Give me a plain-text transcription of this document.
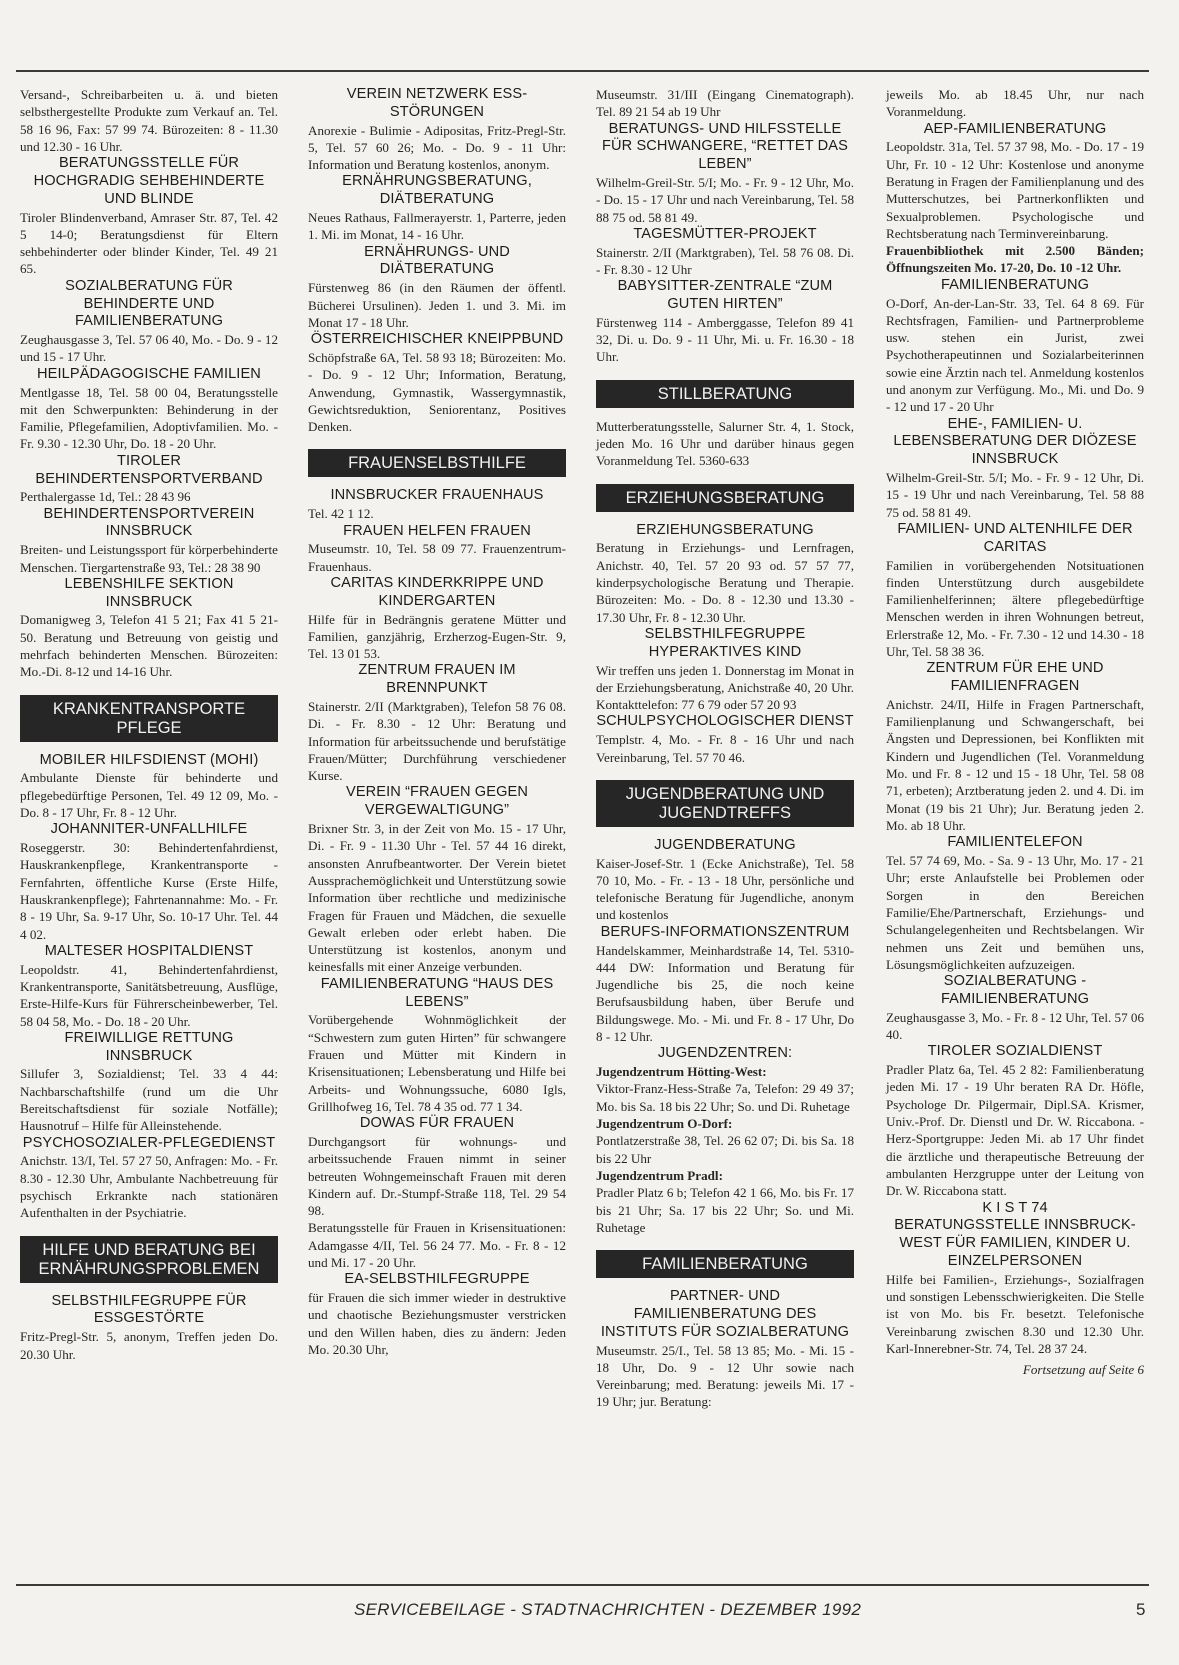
Versand-, Schreibarbeiten u. ä. und bieten selbsthergestellte Produkte zum Verkauf an. Tel. 58 16 96, Fax: 57 99 74. Bürozeiten: 8 - 11.30 und 12.30 - 16 Uhr.

BERATUNGSSTELLE FÜR HOCHGRADIG SEHBEHINDERTE UND BLINDE

Tiroler Blindenverband, Amraser Str. 87, Tel. 42 5 14-0; Beratungsdienst für Eltern sehbehinderter oder blinder Kinder, Tel. 49 21 65.

SOZIALBERATUNG FÜR BEHINDERTE UND FAMILIENBERATUNG

Zeughausgasse 3, Tel. 57 06 40, Mo. - Do. 9 - 12 und 15 - 17 Uhr.

HEILPÄDAGOGISCHE FAMILIEN

Mentlgasse 18, Tel. 58 00 04, Beratungsstelle mit den Schwerpunkten: Behinderung in der Familie, Pflegefamilien, Adoptivfamilien. Mo. - Fr. 9.30 - 12.30 Uhr, Do. 18 - 20 Uhr.

TIROLER BEHINDERTENSPORTVERBAND

Perthalergasse 1d, Tel.: 28 43 96

BEHINDERTENSPORTVEREIN INNSBRUCK

Breiten- und Leistungssport für körperbehinderte Menschen. Tiergartenstraße 93, Tel.: 28 38 90

LEBENSHILFE SEKTION INNSBRUCK

Domanigweg 3, Telefon 41 5 21; Fax 41 5 21-50. Beratung und Betreuung von geistig und mehrfach behinderten Menschen. Bürozeiten: Mo.-Di. 8-12 und 14-16 Uhr.

KRANKENTRANSPORTE PFLEGE
MOBILER HILFSDIENST (MOHI)

Ambulante Dienste für behinderte und pflegebedürftige Personen, Tel. 49 12 09, Mo. - Do. 8 - 17 Uhr, Fr. 8 - 12 Uhr.

JOHANNITER-UNFALLHILFE

Roseggerstr. 30: Behindertenfahrdienst, Hauskrankenpflege, Krankentransporte - Fernfahrten, öffentliche Kurse (Erste Hilfe, Hauskrankenpflege); Fahrtenannahme: Mo. - Fr. 8 - 19 Uhr, Sa. 9-17 Uhr, So. 10-17 Uhr. Tel. 44 4 02.

MALTESER HOSPITALDIENST

Leopoldstr. 41, Behindertenfahrdienst, Krankentransporte, Sanitätsbetreuung, Ausflüge, Erste-Hilfe-Kurs für Führerscheinbewerber, Tel. 58 04 58, Mo. - Do. 18 - 20 Uhr.

FREIWILLIGE RETTUNG INNSBRUCK

Sillufer 3, Sozialdienst; Tel. 33 4 44: Nachbarschaftshilfe (rund um die Uhr Bereitschaftsdienst für soziale Notfälle); Hausnotruf – Hilfe für Alleinstehende.

PSYCHOSOZIALER-PFLEGEDIENST

Anichstr. 13/I, Tel. 57 27 50, Anfragen: Mo. - Fr. 8.30 - 12.30 Uhr, Ambulante Nachbetreuung für psychisch Erkrankte nach stationären Aufenthalten in der Psychiatrie.

HILFE UND BERATUNG BEI ERNÄHRUNGSPROBLEMEN
SELBSTHILFEGRUPPE FÜR ESSGESTÖRTE

Fritz-Pregl-Str. 5, anonym, Treffen jeden Do. 20.30 Uhr.

VEREIN NETZWERK ESS-STÖRUNGEN

Anorexie - Bulimie - Adipositas, Fritz-Pregl-Str. 5, Tel. 57 60 26; Mo. - Do. 9 - 11 Uhr: Information und Beratung kostenlos, anonym.

ERNÄHRUNGSBERATUNG, DIÄTBERATUNG

Neues Rathaus, Fallmerayerstr. 1, Parterre, jeden 1. Mi. im Monat, 14 - 16 Uhr.

ERNÄHRUNGS- UND DIÄTBERATUNG

Fürstenweg 86 (in den Räumen der öffentl. Bücherei Ursulinen). Jeden 1. und 3. Mi. im Monat 17 - 18 Uhr.

ÖSTERREICHISCHER KNEIPPBUND

Schöpfstraße 6A, Tel. 58 93 18; Bürozeiten: Mo. - Do. 9 - 12 Uhr; Information, Beratung, Anwendung, Gymnastik, Wassergymnastik, Gewichtsreduktion, Seniorentanz, Positives Denken.

FRAUENSELBSTHILFE
INNSBRUCKER FRAUENHAUS

Tel. 42 1 12.

FRAUEN HELFEN FRAUEN

Museumstr. 10, Tel. 58 09 77. Frauenzentrum-Frauenhaus.

CARITAS KINDERKRIPPE UND KINDERGARTEN

Hilfe für in Bedrängnis geratene Mütter und Familien, ganzjährig, Erzherzog-Eugen-Str. 9, Tel. 13 01 53.

ZENTRUM FRAUEN IM BRENNPUNKT

Stainerstr. 2/II (Marktgraben), Telefon 58 76 08. Di. - Fr. 8.30 - 12 Uhr: Beratung und Information für arbeitssuchende und berufstätige Frauen/Mütter; Durchführung verschiedener Kurse.

VEREIN “FRAUEN GEGEN VERGEWALTIGUNG”

Brixner Str. 3, in der Zeit von Mo. 15 - 17 Uhr, Di. - Fr. 9 - 11.30 Uhr - Tel. 57 44 16 direkt, ansonsten Anrufbeantworter. Der Verein bietet Aussprachemöglichkeit und Unterstützung sowie Information über rechtliche und medizinische Fragen für Frauen und Mädchen, die sexuelle Gewalt erleben oder erlebt haben. Die Unterstützung ist kostenlos, anonym und keinesfalls mit einer Anzeige verbunden.

FAMILIENBERATUNG “HAUS DES LEBENS”

Vorübergehende Wohnmöglichkeit der “Schwestern zum guten Hirten” für schwangere Frauen und Mütter mit Kindern in Krisensituationen; Lebensberatung und Hilfe bei Arbeits- und Wohnungssuche, 6080 Igls, Grillhofweg 16, Tel. 78 4 35 od. 77 1 34.

DOWAS FÜR FRAUEN

Durchgangsort für wohnungs- und arbeitssuchende Frauen nimmt in seiner betreuten Wohngemeinschaft Frauen mit deren Kindern auf. Dr.-Stumpf-Straße 118, Tel. 29 54 98.

Beratungsstelle für Frauen in Krisensituationen: Adamgasse 4/II, Tel. 56 24 77. Mo. - Fr. 8 - 12 und Mi. 17 - 20 Uhr.

EA-SELBSTHILFEGRUPPE

für Frauen die sich immer wieder in destruktive und chaotische Beziehungsmuster verstricken und den Willen haben, dies zu ändern: Jeden Mo. 20.30 Uhr,

Museumstr. 31/III (Eingang Cinematograph). Tel. 89 21 54 ab 19 Uhr

BERATUNGS- UND HILFSSTELLE FÜR SCHWANGERE, “RETTET DAS LEBEN”

Wilhelm-Greil-Str. 5/I; Mo. - Fr. 9 - 12 Uhr, Mo. - Do. 15 - 17 Uhr und nach Vereinbarung, Tel. 58 88 75 od. 58 81 49.

TAGESMÜTTER-PROJEKT

Stainerstr. 2/II (Marktgraben), Tel. 58 76 08. Di. - Fr. 8.30 - 12 Uhr

BABYSITTER-ZENTRALE “ZUM GUTEN HIRTEN”

Fürstenweg 114 - Amberggasse, Telefon 89 41 32, Di. u. Do. 9 - 11 Uhr, Mi. u. Fr. 16.30 - 18 Uhr.

STILLBERATUNG

Mutterberatungsstelle, Salurner Str. 4, 1. Stock, jeden Mo. 16 Uhr und darüber hinaus gegen Voranmeldung Tel. 5360-633

ERZIEHUNGSBERATUNG
ERZIEHUNGSBERATUNG

Beratung in Erziehungs- und Lernfragen, Anichstr. 40, Tel. 57 20 93 od. 57 57 77, kinderpsychologische Beratung und Therapie. Bürozeiten: Mo. - Do. 8 - 12.30 und 13.30 - 17.30 Uhr, Fr. 8 - 12.30 Uhr.

SELBSTHILFEGRUPPE HYPERAKTIVES KIND

Wir treffen uns jeden 1. Donnerstag im Monat in der Erziehungsberatung, Anichstraße 40, 20 Uhr. Kontakttelefon: 77 6 79 oder 57 20 93

SCHULPSYCHOLOGISCHER DIENST

Templstr. 4, Mo. - Fr. 8 - 16 Uhr und nach Vereinbarung, Tel. 57 70 46.

JUGENDBERATUNG UND JUGENDTREFFS
JUGENDBERATUNG

Kaiser-Josef-Str. 1 (Ecke Anichstraße), Tel. 58 70 10, Mo. - Fr. - 13 - 18 Uhr, persönliche und telefonische Beratung für Jugendliche, anonym und kostenlos

BERUFS-INFORMATIONSZENTRUM

Handelskammer, Meinhardstraße 14, Tel. 5310-444 DW: Information und Beratung für Jugendliche bis 25, die noch keine Berufsausbildung haben, über Berufe und Bildungswege. Mo. - Mi. und Fr. 8 - 17 Uhr, Do 8 - 12 Uhr.

JUGENDZENTREN:

Jugendzentrum Hötting-West:

Viktor-Franz-Hess-Straße 7a, Telefon: 29 49 37; Mo. bis Sa. 18 bis 22 Uhr; So. und Di. Ruhetage

Jugendzentrum O-Dorf:

Pontlatzerstraße 38, Tel. 26 62 07; Di. bis Sa. 18 bis 22 Uhr

Jugendzentrum Pradl:

Pradler Platz 6 b; Telefon 42 1 66, Mo. bis Fr. 17 bis 21 Uhr; Sa. 17 bis 22 Uhr; So. und Mi. Ruhetage

FAMILIENBERATUNG
PARTNER- UND FAMILIENBERATUNG DES INSTITUTS FÜR SOZIALBERATUNG

Museumstr. 25/I., Tel. 58 13 85; Mo. - Mi. 15 - 18 Uhr, Do. 9 - 12 Uhr sowie nach Vereinbarung; med. Beratung: jeweils Mi. 17 - 19 Uhr; jur. Beratung:

jeweils Mo. ab 18.45 Uhr, nur nach Voranmeldung.

AEP-FAMILIENBERATUNG

Leopoldstr. 31a, Tel. 57 37 98, Mo. - Do. 17 - 19 Uhr, Fr. 10 - 12 Uhr: Kostenlose und anonyme Beratung in Fragen der Familienplanung und des Mutterschutzes, bei Partnerkonflikten und Sexualproblemen. Psychologische und Rechtsberatung nach Terminvereinbarung.

Frauenbibliothek mit 2.500 Bänden; Öffnungszeiten Mo. 17-20, Do. 10 -12 Uhr.

FAMILIENBERATUNG

O-Dorf, An-der-Lan-Str. 33, Tel. 64 8 69. Für Rechtsfragen, Familien- und Partnerprobleme usw. stehen ein Jurist, zwei Psychotherapeutinnen und Sozialarbeiterinnen sowie eine Ärztin nach tel. Anmeldung kostenlos und anonym zur Verfügung. Mo., Mi. und Do. 9 - 12 und 17 - 20 Uhr

EHE-, FAMILIEN- U. LEBENSBERATUNG DER DIÖZESE INNSBRUCK

Wilhelm-Greil-Str. 5/I; Mo. - Fr. 9 - 12 Uhr, Di. 15 - 19 Uhr und nach Vereinbarung, Tel. 58 88 75 od. 58 81 49.

FAMILIEN- UND ALTENHILFE DER CARITAS

Familien in vorübergehenden Notsituationen finden Unterstützung durch ausgebildete Familienhelferinnen; ältere pflegebedürftige Menschen werden in ihren Wohnungen betreut, Erlerstraße 12, Mo. - Fr. 7.30 - 12 und 14.30 - 18 Uhr, Tel. 58 38 36.

ZENTRUM FÜR EHE UND FAMILIENFRAGEN

Anichstr. 24/II, Hilfe in Fragen Partnerschaft, Familienplanung und Schwangerschaft, bei Ängsten und Depressionen, bei Konflikten mit Kindern und Jugendlichen (Tel. Voranmeldung Mo. und Fr. 8 - 12 und 15 - 18 Uhr, Tel. 58 08 71, erbeten); Arztberatung jeden 2. und 4. Di. im Monat (19 bis 21 Uhr); Jur. Beratung jeden 2. Mo. ab 18 Uhr.

FAMILIENTELEFON

Tel. 57 74 69, Mo. - Sa. 9 - 13 Uhr, Mo. 17 - 21 Uhr; erste Anlaufstelle bei Problemen oder Sorgen in den Bereichen Familie/Ehe/Partnerschaft, Erziehungs- und Schulangelegenheiten und Rechtsbelangen. Wir nehmen uns Zeit und bemühen uns, Lösungsmöglichkeiten aufzuzeigen.

SOZIALBERATUNG - FAMILIENBERATUNG

Zeughausgasse 3, Mo. - Fr. 8 - 12 Uhr, Tel. 57 06 40.

TIROLER SOZIALDIENST

Pradler Platz 6a, Tel. 45 2 82: Familienberatung jeden Mi. 17 - 19 Uhr beraten RA Dr. Höfle, Psychologe Dr. Pilgermair, Dipl.SA. Krismer, Univ.-Prof. Dr. Dienstl und Dr. W. Riccabona. - Herz-Sportgruppe: Jeden Mi. ab 17 Uhr findet die ärztliche und therapeutische Betreuung der ambulanten Herzgruppe unter der Leitung von Dr. W. Riccabona statt.

K I S T 74
BERATUNGSSTELLE INNSBRUCK-WEST FÜR FAMILIEN, KINDER U. EINZELPERSONEN

Hilfe bei Familien-, Erziehungs-, Sozialfragen und sonstigen Lebensschwierigkeiten. Die Stelle ist von Mo. bis Fr. besetzt. Telefonische Vereinbarung zwischen 8.30 und 12.30 Uhr. Karl-Innerebner-Str. 74, Tel. 28 37 24.

Fortsetzung auf Seite 6

SERVICEBEILAGE - STADTNACHRICHTEN - DEZEMBER 1992	5
